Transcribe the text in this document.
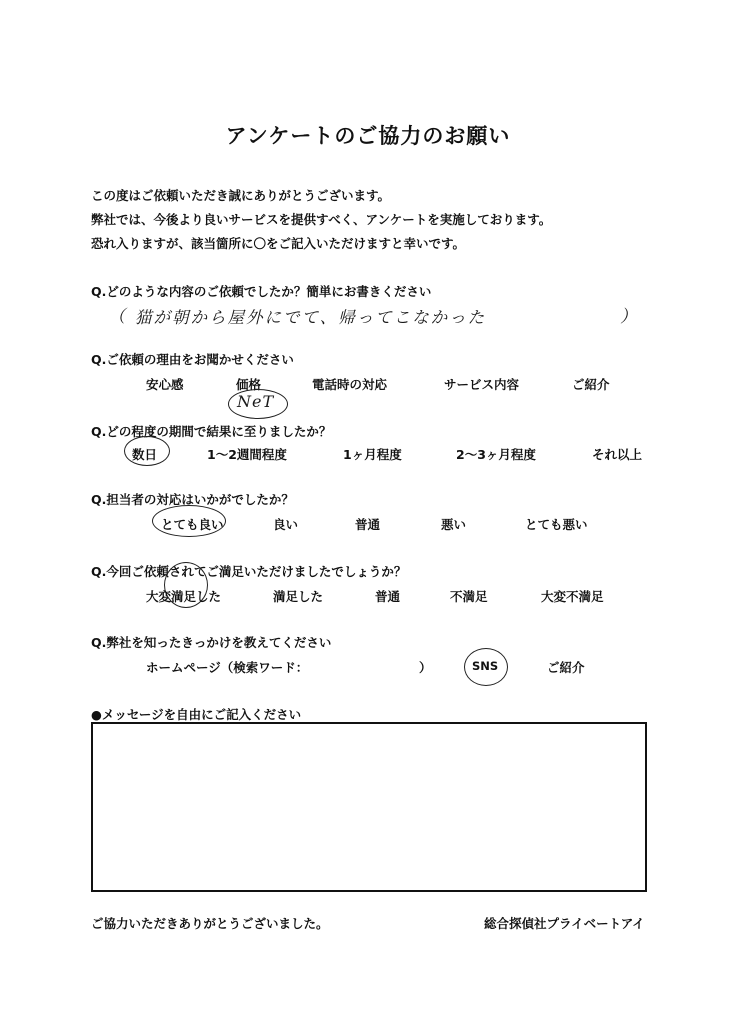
アンケートのご協力のお願い
この度はご依頼いただき誠にありがとうございます。
弊社では、今後より良いサービスを提供すべく、アンケートを実施しております。
恐れ入りますが、該当箇所に〇をご記入いただけますと幸いです。
Q.どのような内容のご依頼でしたか？簡単にお書きください
（ 猫が朝から屋外にでて、帰ってこなかった	）
Q.ご依頼の理由をお聞かせください
安心感	価格	電話時の対応	サービス内容	ご紹介
NeT
Q.どの程度の期間で結果に至りましたか？
数日	1～2週間程度	1ヶ月程度	2～3ヶ月程度	それ以上
Q.担当者の対応はいかがでしたか？
とても良い	良い	普通	悪い	とても悪い
Q.今回ご依頼されてご満足いただけましたでしょうか？
大変満足した	満足した	普通	不満足	大変不満足
Q.弊社を知ったきっかけを教えてください
ホームページ（検索ワード：	）	SNS	ご紹介
●メッセージを自由にご記入ください
ご協力いただきありがとうございました。	総合探偵社プライベートアイ
